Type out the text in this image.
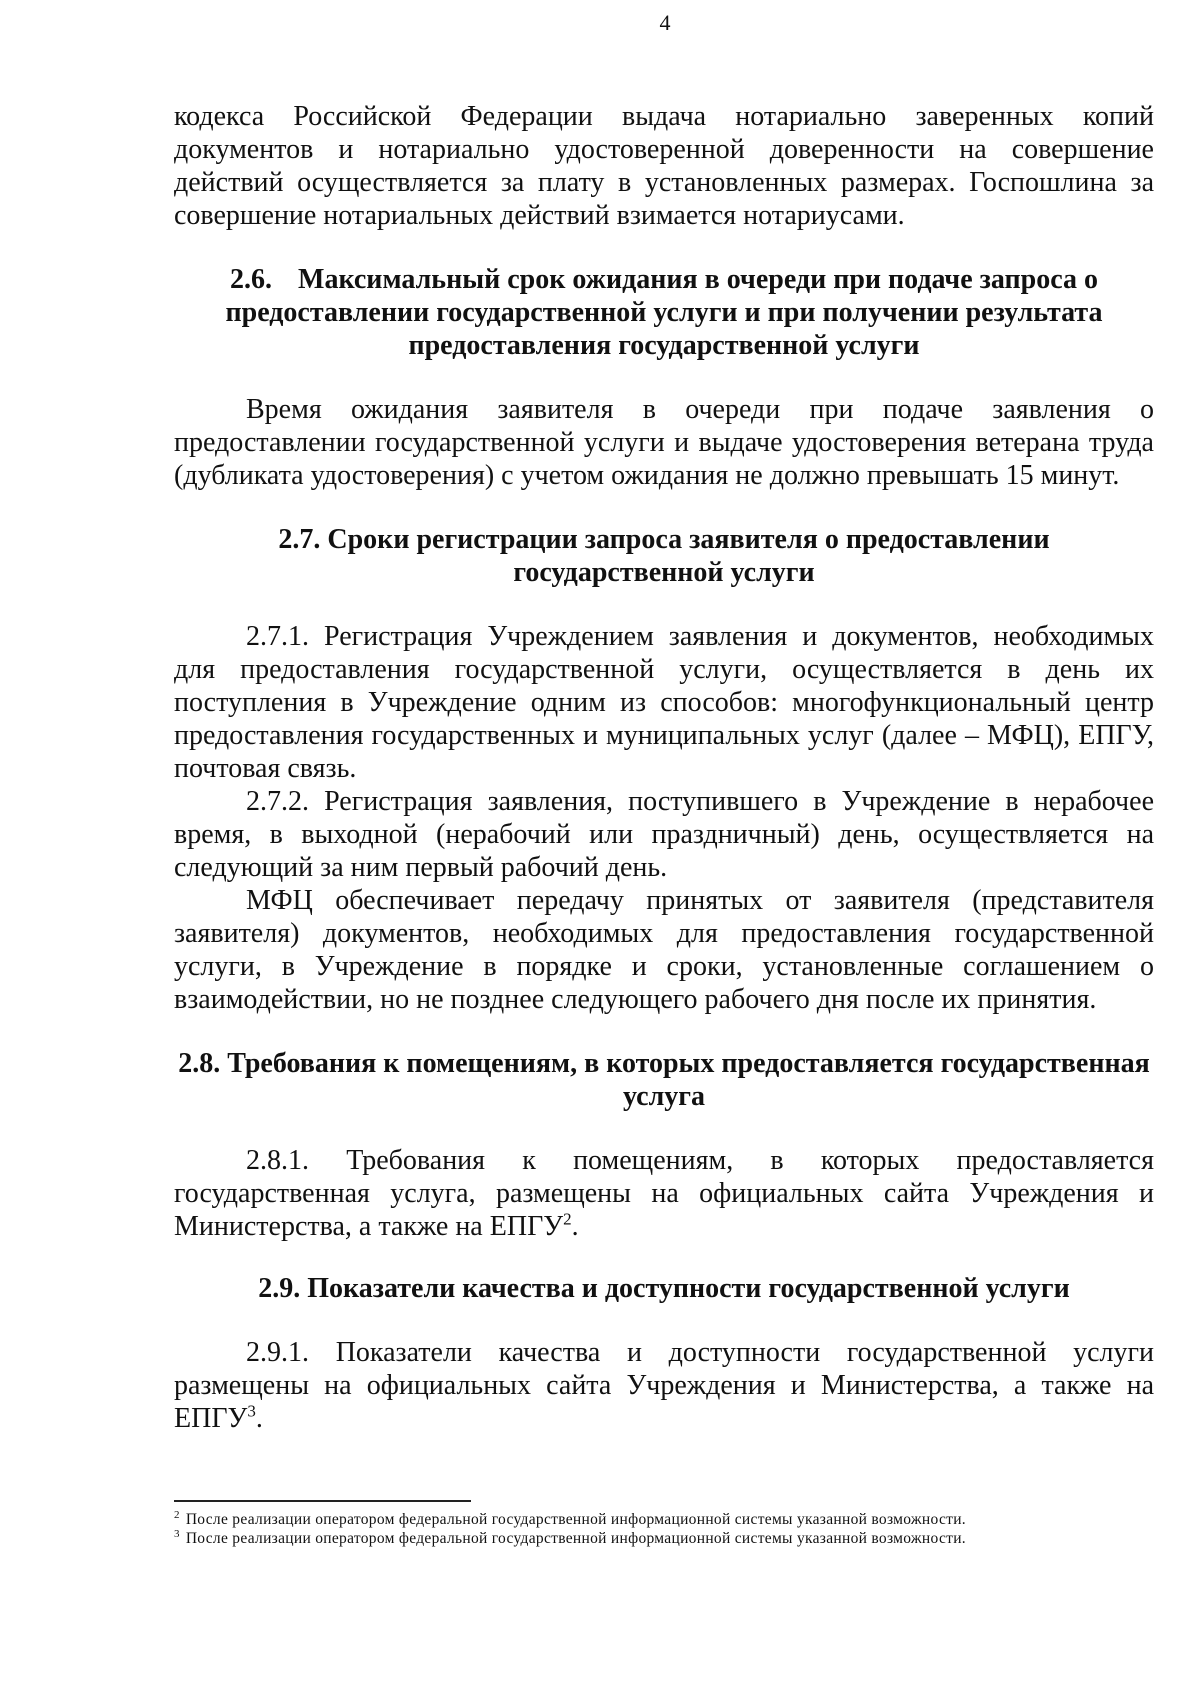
4

кодекса Российской Федерации выдача нотариально заверенных копий документов и нотариально удостоверенной доверенности на совершение действий осуществляется за плату в установленных размерах. Госпошлина за совершение нотариальных действий взимается нотариусами.

2.6. Максимальный срок ожидания в очереди при подаче запроса о предоставлении государственной услуги и при получении результата предоставления государственной услуги

Время ожидания заявителя в очереди при подаче заявления о предоставлении государственной услуги и выдаче удостоверения ветерана труда (дубликата удостоверения) с учетом ожидания не должно превышать 15 минут.

2.7. Сроки регистрации запроса заявителя о предоставлении государственной услуги

2.7.1. Регистрация Учреждением заявления и документов, необходимых для предоставления государственной услуги, осуществляется в день их поступления в Учреждение одним из способов: многофункциональный центр предоставления государственных и муниципальных услуг (далее – МФЦ), ЕПГУ, почтовая связь.

2.7.2. Регистрация заявления, поступившего в Учреждение в нерабочее время, в выходной (нерабочий или праздничный) день, осуществляется на следующий за ним первый рабочий день.

МФЦ обеспечивает передачу принятых от заявителя (представителя заявителя) документов, необходимых для предоставления государственной услуги, в Учреждение в порядке и сроки, установленные соглашением о взаимодействии, но не позднее следующего рабочего дня после их принятия.

2.8. Требования к помещениям, в которых предоставляется государственная услуга

2.8.1. Требования к помещениям, в которых предоставляется государственная услуга, размещены на официальных сайта Учреждения и Министерства, а также на ЕПГУ$^2$.

2.9. Показатели качества и доступности государственной услуги

2.9.1. Показатели качества и доступности государственной услуги размещены на официальных сайта Учреждения и Министерства, а также на ЕПГУ$^3$.

$^2$ После реализации оператором федеральной государственной информационной системы указанной возможности.
$^3$ После реализации оператором федеральной государственной информационной системы указанной возможности.
